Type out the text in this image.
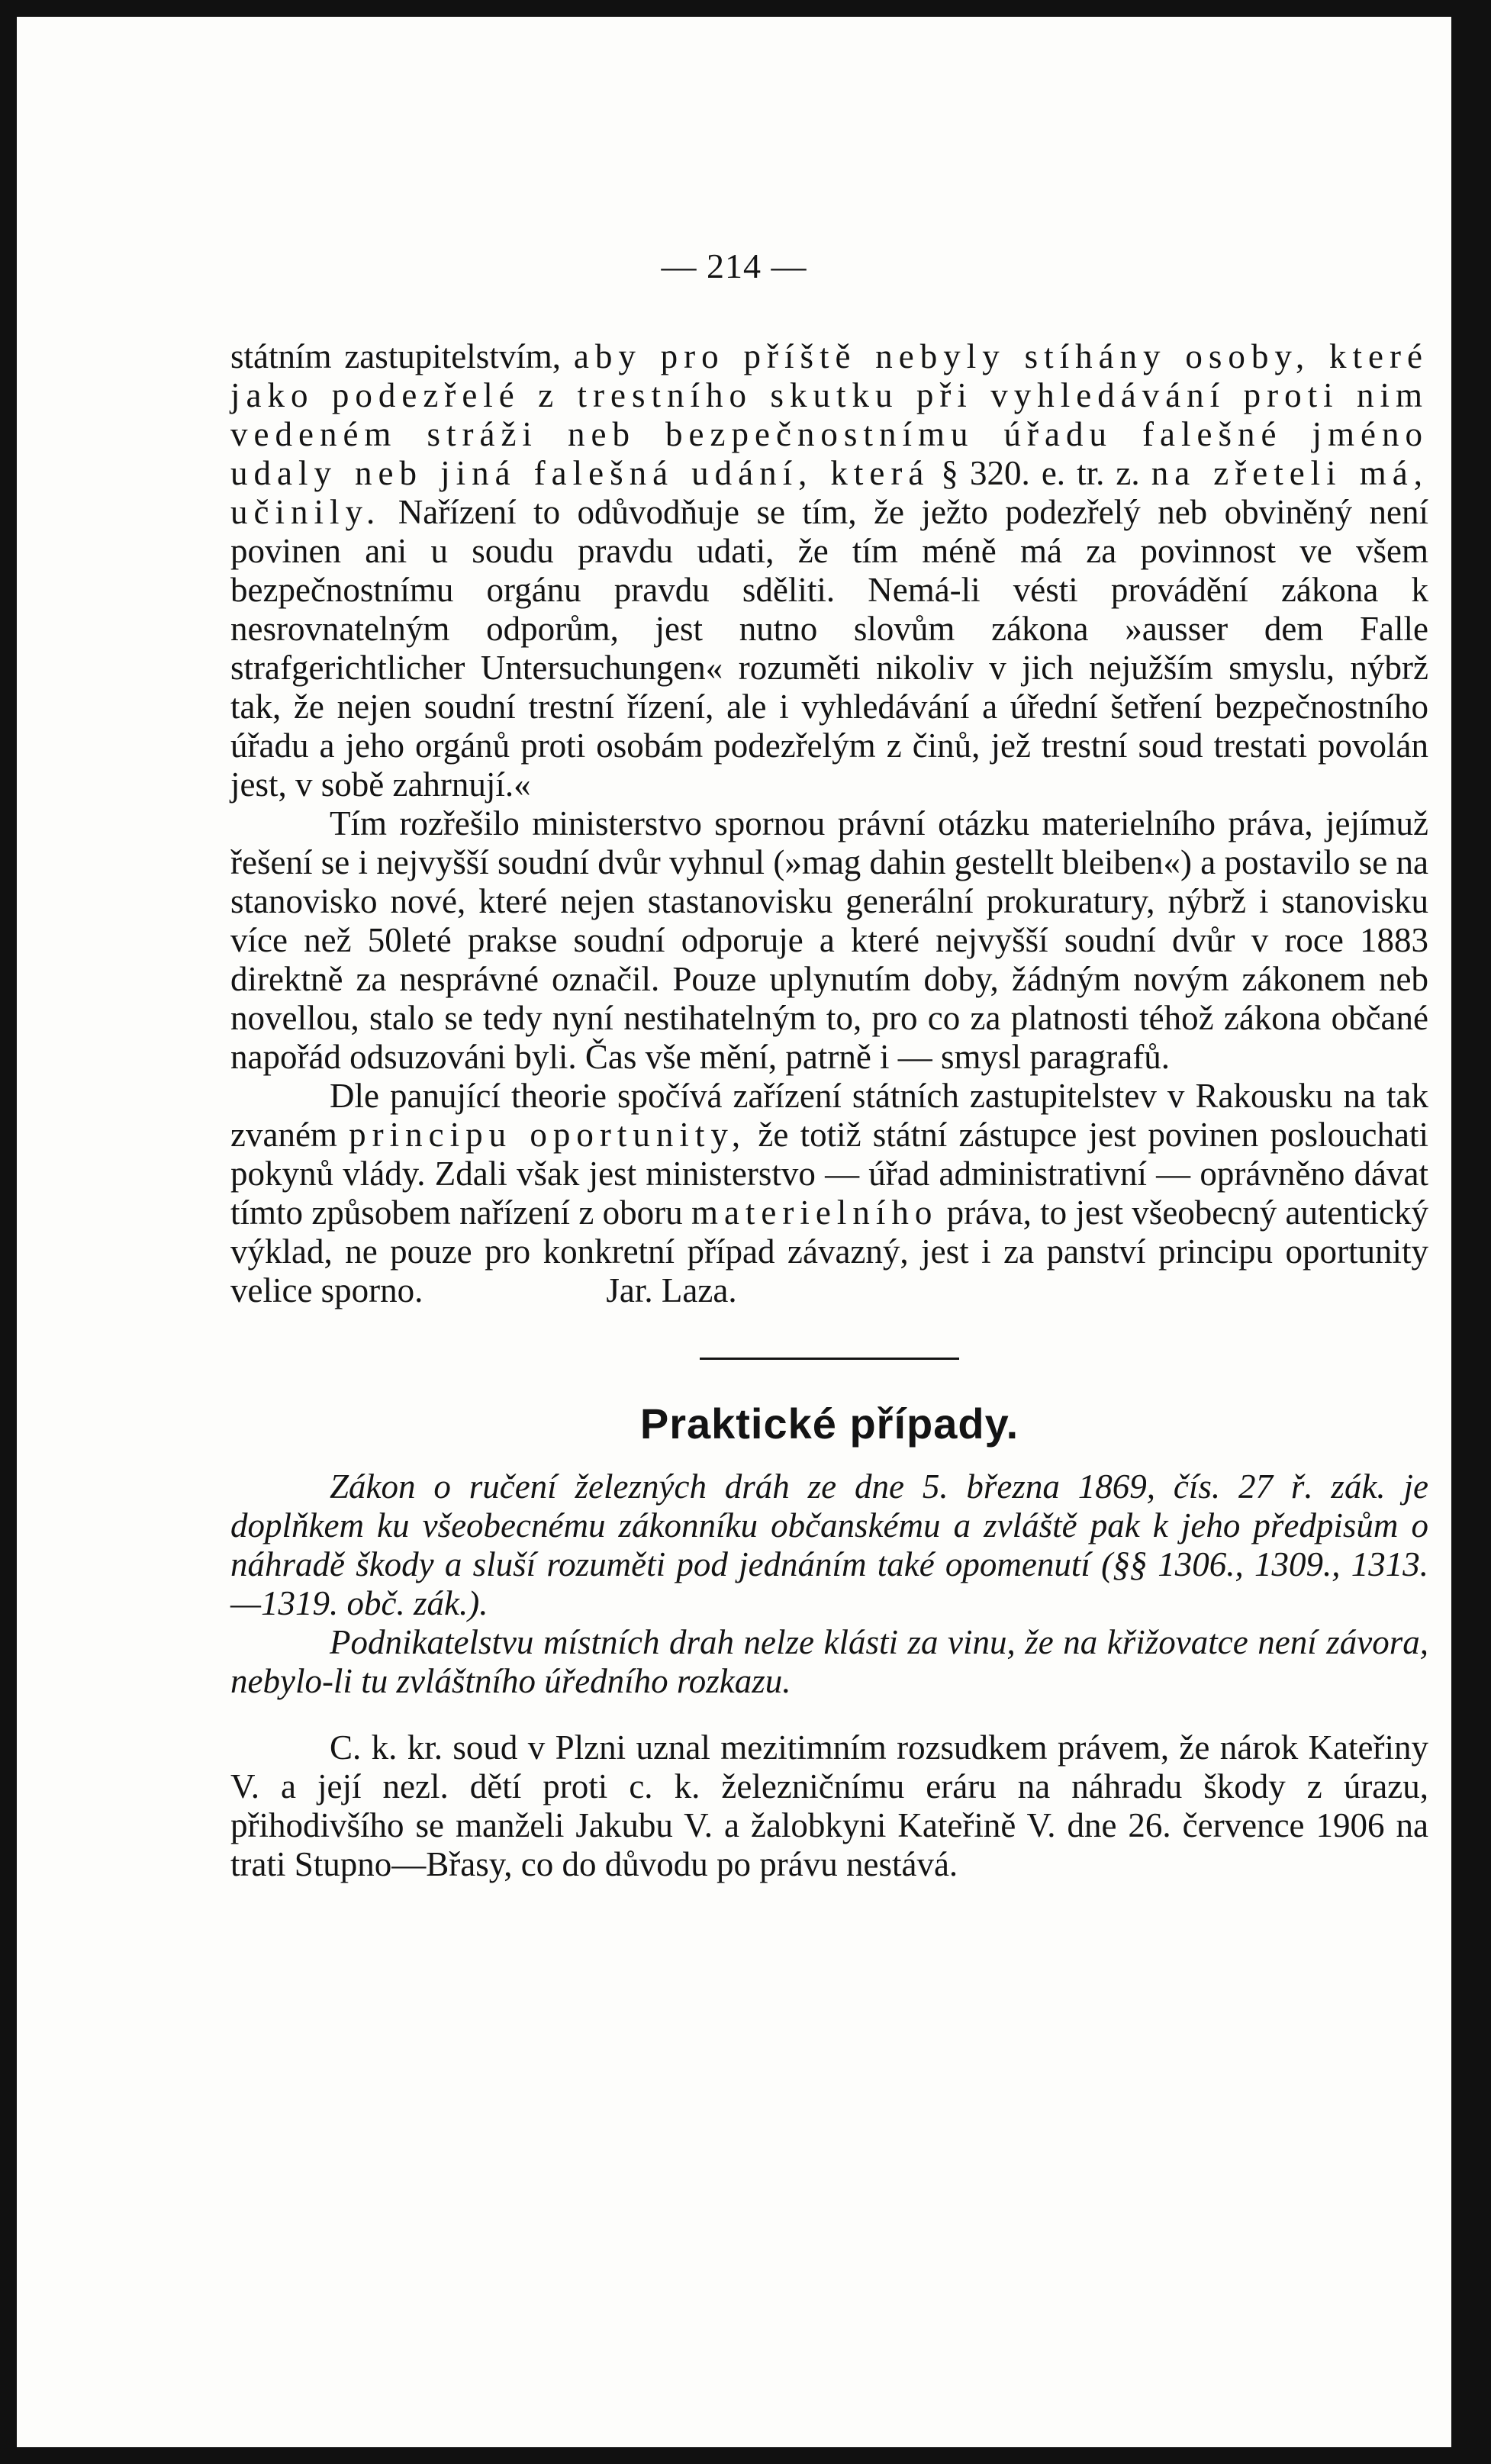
— 214 —

státním zastupitelstvím, aby pro příště nebyly stíhány osoby, které jako podezřelé z trestního skutku při vyhledávání proti nim vedeném stráži neb bezpečnostnímu úřadu falešné jméno udaly neb jiná falešná udání, která § 320. e. tr. z. na zřeteli má, učinily. Nařízení to odůvodňuje se tím, že ježto podezřelý neb obviněný není povinen ani u soudu pravdu udati, že tím méně má za povinnost ve všem bezpečnostnímu orgánu pravdu sděliti. Nemá-li vésti provádění zákona k nesrovnatelným odporům, jest nutno slovům zákona »ausser dem Falle strafgerichtlicher Untersuchungen« rozuměti nikoliv v jich nejužším smyslu, nýbrž tak, že nejen soudní trestní řízení, ale i vyhledávání a úřední šetření bezpečnostního úřadu a jeho orgánů proti osobám podezřelým z činů, jež trestní soud trestati povolán jest, v sobě zahrnují.«

Tím rozřešilo ministerstvo spornou právní otázku materielního práva, jejímuž řešení se i nejvyšší soudní dvůr vyhnul (»mag dahin gestellt bleiben«) a postavilo se na stanovisko nové, které nejen stastanovisku generální prokuratury, nýbrž i stanovisku více než 50leté prakse soudní odporuje a které nejvyšší soudní dvůr v roce 1883 direktně za nesprávné označil. Pouze uplynutím doby, žádným novým zákonem neb novellou, stalo se tedy nyní nestihatelným to, pro co za platnosti téhož zákona občané napořád odsuzováni byli. Čas vše mění, patrně i — smysl paragrafů.

Dle panující theorie spočívá zařízení státních zastupitelstev v Rakousku na tak zvaném principu oportunity, že totiž státní zástupce jest povinen poslouchati pokynů vlády. Zdali však jest ministerstvo — úřad administrativní — oprávněno dávat tímto způsobem nařízení z oboru materielního práva, to jest všeobecný autentický výklad, ne pouze pro konkretní případ závazný, jest i za panství principu oportunity velice sporno.	Jar. Laza.

Praktické případy.

Zákon o ručení železných dráh ze dne 5. března 1869, čís. 27 ř. zák. je doplňkem ku všeobecnému zákonníku občanskému a zvláště pak k jeho předpisům o náhradě škody a sluší rozuměti pod jednáním také opomenutí (§§ 1306., 1309., 1313.—1319. obč. zák.).

Podnikatelstvu místních drah nelze klásti za vinu, že na křižovatce není závora, nebylo-li tu zvláštního úředního rozkazu.

C. k. kr. soud v Plzni uznal mezitimním rozsudkem právem, že nárok Kateřiny V. a její nezl. dětí proti c. k. železničnímu eráru na náhradu škody z úrazu, přihodivšího se manželi Jakubu V. a žalobkyni Kateřině V. dne 26. července 1906 na trati Stupno—Břasy, co do důvodu po právu nestává.
